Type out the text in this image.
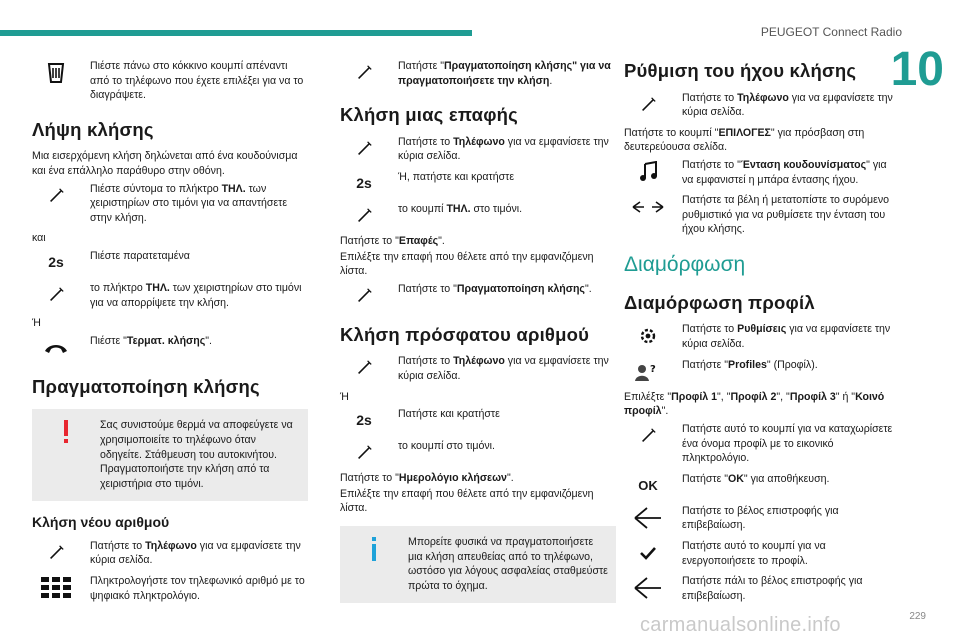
PEUGEOT Connect Radio
10

Πιέστε πάνω στο κόκκινο κουμπί απέναντι από το τηλέφωνο που έχετε επιλέξει για να το διαγράψετε.

Λήψη κλήσης

Μια εισερχόμενη κλήση δηλώνεται από ένα κουδούνισμα και ένα επάλληλο παράθυρο στην οθόνη.

Πιέστε σύντομα το πλήκτρο ΤΗΛ. των χειριστηρίων στο τιμόνι για να απαντήσετε στην κλήση.

και

2s Πιέστε παρατεταμένα

το πλήκτρο ΤΗΛ. των χειριστηρίων στο τιμόνι για να απορρίψετε την κλήση.

Ή

Πιέστε "Τερματ. κλήσης".

Πραγματοποίηση κλήσης

Σας συνιστούμε θερμά να αποφεύγετε να χρησιμοποιείτε το τηλέφωνο όταν οδηγείτε. Στάθμευση του αυτοκινήτου. Πραγματοποιήστε την κλήση από τα χειριστήρια στο τιμόνι.

Κλήση νέου αριθμού

Πατήστε το Τηλέφωνο για να εμφανίσετε την κύρια σελίδα.

Πληκτρολογήστε τον τηλεφωνικό αριθμό με το ψηφιακό πληκτρολόγιο.

Πατήστε "Πραγματοποίηση κλήσης" για να πραγματοποιήσετε την κλήση.

Κλήση μιας επαφής

Πατήστε το Τηλέφωνο για να εμφανίσετε την κύρια σελίδα.

2s Ή, πατήστε και κρατήστε

το κουμπί ΤΗΛ. στο τιμόνι.

Πατήστε το "Επαφές".

Επιλέξτε την επαφή που θέλετε από την εμφανιζόμενη λίστα.

Πατήστε το "Πραγματοποίηση κλήσης".

Κλήση πρόσφατου αριθμού

Πατήστε το Τηλέφωνο για να εμφανίσετε την κύρια σελίδα.

Ή

2s Πατήστε και κρατήστε

το κουμπί στο τιμόνι.

Πατήστε το "Ημερολόγιο κλήσεων".

Επιλέξτε την επαφή που θέλετε από την εμφανιζόμενη λίστα.

Μπορείτε φυσικά να πραγματοποιήσετε μια κλήση απευθείας από το τηλέφωνο, ωστόσο για λόγους ασφαλείας σταθμεύστε πρώτα το όχημα.

Ρύθμιση του ήχου κλήσης

Πατήστε το Τηλέφωνο για να εμφανίσετε την κύρια σελίδα.

Πατήστε το κουμπί "ΕΠΙΛΟΓΕΣ" για πρόσβαση στη δευτερεύουσα σελίδα.

Πατήστε το "Ένταση κουδουνίσματος" για να εμφανιστεί η μπάρα έντασης ήχου.

Πατήστε τα βέλη ή μετατοπίστε το συρόμενο ρυθμιστικό για να ρυθμίσετε την ένταση του ήχου κλήσης.

Διαμόρφωση
Διαμόρφωση προφίλ

Πατήστε το Ρυθμίσεις για να εμφανίσετε την κύρια σελίδα.

? Πατήστε "Profiles" (Προφίλ).

Επιλέξτε "Προφίλ 1", "Προφίλ 2", "Προφίλ 3" ή "Κοινό προφίλ".

Πατήστε αυτό το κουμπί για να καταχωρίσετε ένα όνομα προφίλ με το εικονικό πληκτρολόγιο.

OK Πατήστε "OK" για αποθήκευση.

Πατήστε το βέλος επιστροφής για επιβεβαίωση.

Πατήστε αυτό το κουμπί για να ενεργοποιήσετε το προφίλ.

Πατήστε πάλι το βέλος επιστροφής για επιβεβαίωση.

carmanualsonline.info	229
